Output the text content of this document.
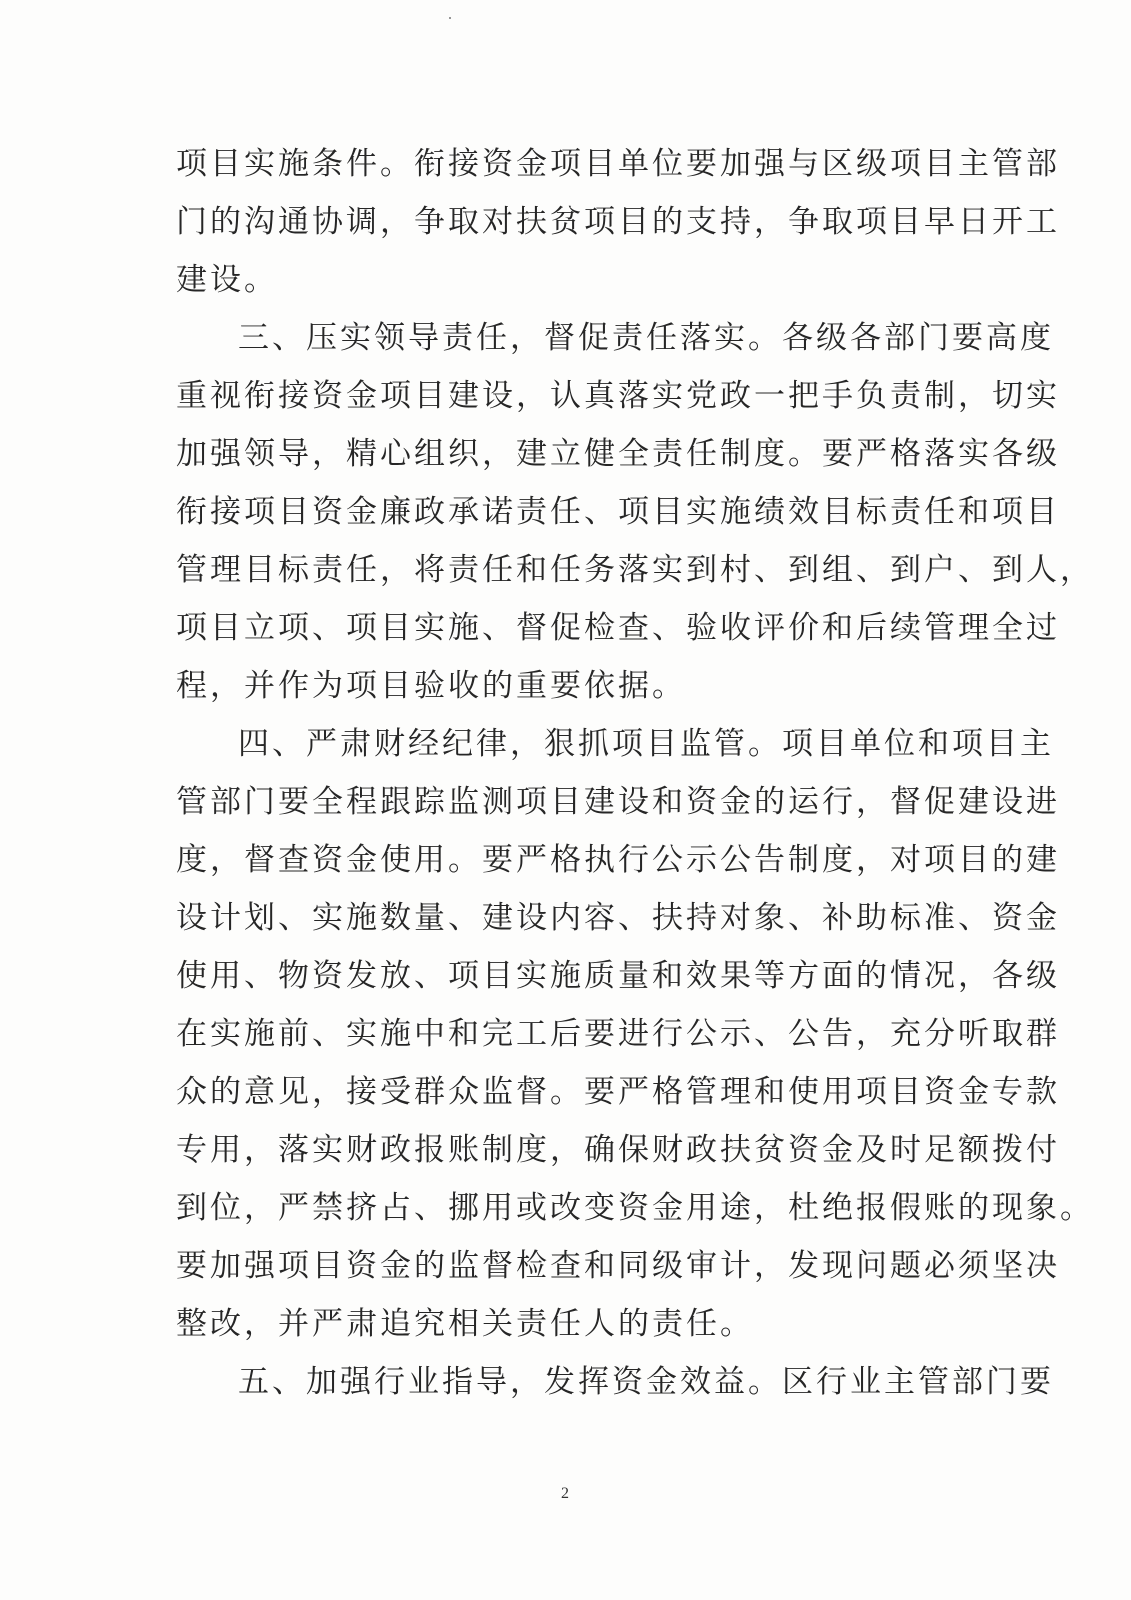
项目实施条件。衔接资金项目单位要加强与区级项目主管部
门的沟通协调，争取对扶贫项目的支持，争取项目早日开工
建设。
三、压实领导责任，督促责任落实。各级各部门要高度
重视衔接资金项目建设，认真落实党政一把手负责制，切实
加强领导，精心组织，建立健全责任制度。要严格落实各级
衔接项目资金廉政承诺责任、项目实施绩效目标责任和项目
管理目标责任，将责任和任务落实到村、到组、到户、到人，
项目立项、项目实施、督促检查、验收评价和后续管理全过
程，并作为项目验收的重要依据。
四、严肃财经纪律，狠抓项目监管。项目单位和项目主
管部门要全程跟踪监测项目建设和资金的运行，督促建设进
度，督查资金使用。要严格执行公示公告制度，对项目的建
设计划、实施数量、建设内容、扶持对象、补助标准、资金
使用、物资发放、项目实施质量和效果等方面的情况，各级
在实施前、实施中和完工后要进行公示、公告，充分听取群
众的意见，接受群众监督。要严格管理和使用项目资金专款
专用，落实财政报账制度，确保财政扶贫资金及时足额拨付
到位，严禁挤占、挪用或改变资金用途，杜绝报假账的现象。
要加强项目资金的监督检查和同级审计，发现问题必须坚决
整改，并严肃追究相关责任人的责任。
五、加强行业指导，发挥资金效益。区行业主管部门要
2
